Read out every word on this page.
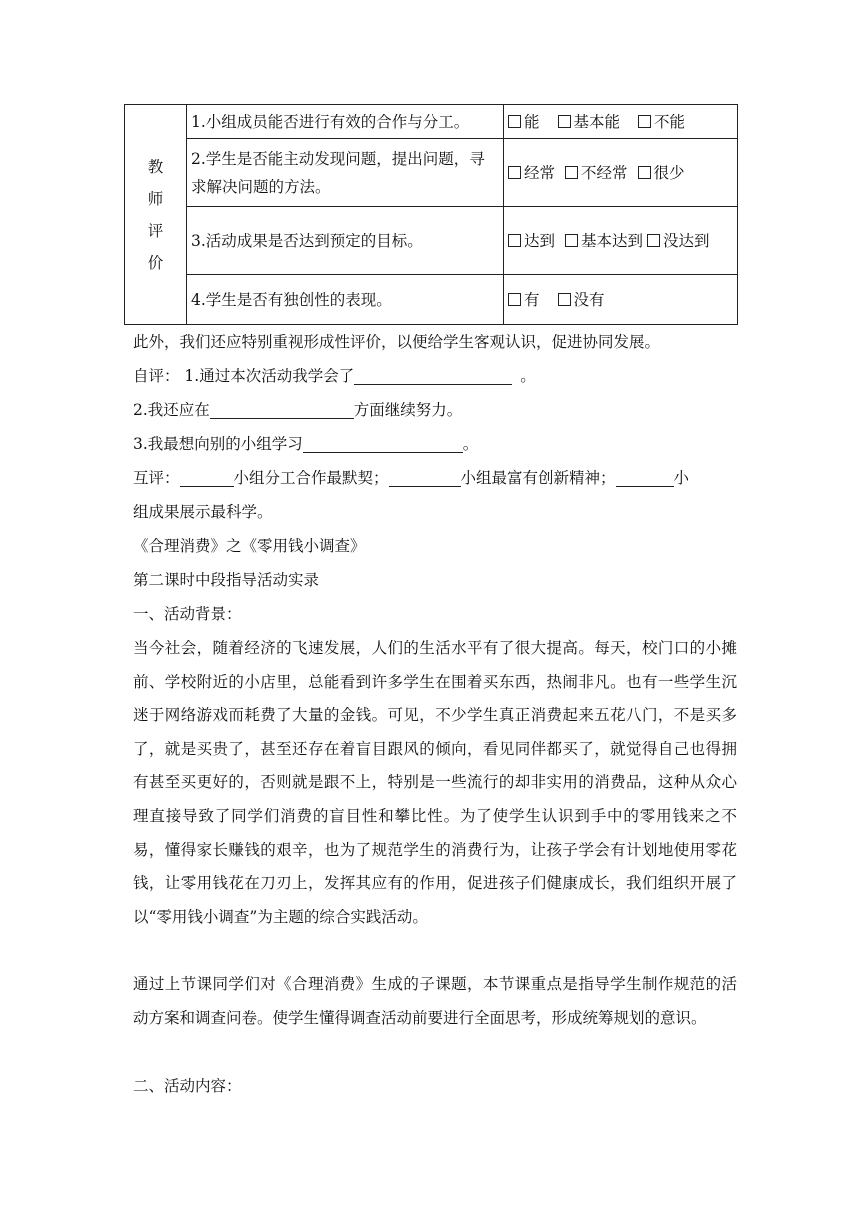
教
师
评
价	1.小组成员能否进行有效的合作与分工。	能 基本能 不能
	2.学生是否能主动发现问题，提出问题，寻求解决问题的方法。	经常 不经常 很少
	3.活动成果是否达到预定的目标。	达到 基本达到 没达到
	4.学生是否有独创性的表现。	有 没有
此外，我们还应特别重视形成性评价，以便给学生客观认识，促进协同发展。
自评： 1.通过本次活动我学会了	。
2.我还应在	方面继续努力。
3.我最想向别的小组学习	。
互评：	小组分工合作最默契；	小组最富有创新精神；	小
组成果展示最科学。
《合理消费》之《零用钱小调查》
第二课时中段指导活动实录
一、活动背景：
当今社会，随着经济的飞速发展，人们的生活水平有了很大提高。每天，校门口的小摊前、学校附近的小店里，总能看到许多学生在围着买东西，热闹非凡。也有一些学生沉迷于网络游戏而耗费了大量的金钱。可见，不少学生真正消费起来五花八门，不是买多了，就是买贵了，甚至还存在着盲目跟风的倾向，看见同伴都买了，就觉得自己也得拥有甚至买更好的，否则就是跟不上，特别是一些流行的却非实用的消费品，这种从众心理直接导致了同学们消费的盲目性和攀比性。为了使学生认识到手中的零用钱来之不易，懂得家长赚钱的艰辛，也为了规范学生的消费行为，让孩子学会有计划地使用零花钱，让零用钱花在刀刃上，发挥其应有的作用，促进孩子们健康成长，我们组织开展了以“零用钱小调查”为主题的综合实践活动。
通过上节课同学们对《合理消费》生成的子课题，本节课重点是指导学生制作规范的活动方案和调查问卷。使学生懂得调查活动前要进行全面思考，形成统筹规划的意识。
二、活动内容：
